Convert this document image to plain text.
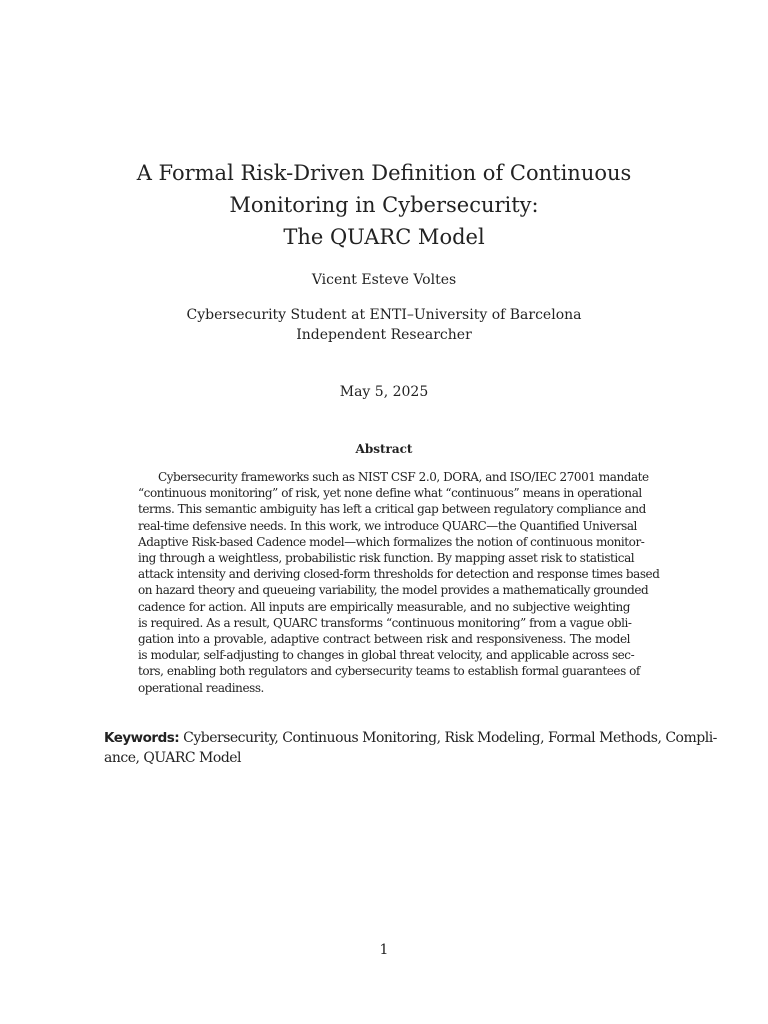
A Formal Risk-Driven Definition of Continuous
Monitoring in Cybersecurity:
The QUARC Model
Vicent Esteve Voltes
Cybersecurity Student at ENTI–University of Barcelona
Independent Researcher
May 5, 2025
Abstract
Cybersecurity frameworks such as NIST CSF 2.0, DORA, and ISO/IEC 27001 mandate
“continuous monitoring” of risk, yet none define what “continuous” means in operational
terms. This semantic ambiguity has left a critical gap between regulatory compliance and
real-time defensive needs. In this work, we introduce QUARC—the Quantified Universal
Adaptive Risk-based Cadence model—which formalizes the notion of continuous monitor-
ing through a weightless, probabilistic risk function. By mapping asset risk to statistical
attack intensity and deriving closed-form thresholds for detection and response times based
on hazard theory and queueing variability, the model provides a mathematically grounded
cadence for action. All inputs are empirically measurable, and no subjective weighting
is required. As a result, QUARC transforms “continuous monitoring” from a vague obli-
gation into a provable, adaptive contract between risk and responsiveness. The model
is modular, self-adjusting to changes in global threat velocity, and applicable across sec-
tors, enabling both regulators and cybersecurity teams to establish formal guarantees of
operational readiness.
Keywords: Cybersecurity, Continuous Monitoring, Risk Modeling, Formal Methods, Compli-
ance, QUARC Model
1
